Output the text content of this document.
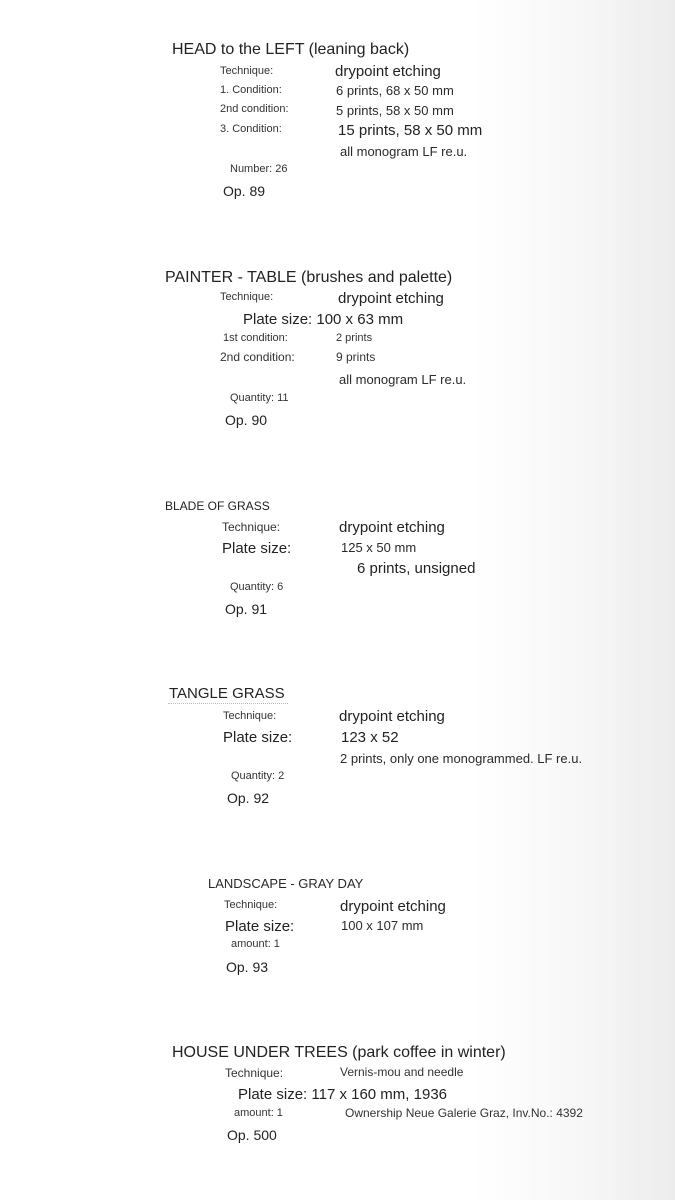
HEAD to the LEFT (leaning back)
Technique:	drypoint etching
1. Condition:	6 prints, 68 x 50 mm
2nd condition:	5 prints, 58 x 50 mm
3. Condition:	15 prints, 58 x 50 mm
all monogram LF re.u.
Number: 26
Op. 89
PAINTER - TABLE (brushes and palette)
Technique:	drypoint etching
Plate size: 100 x 63 mm
1st condition:	2 prints
2nd condition:	9 prints
all monogram LF re.u.
Quantity: 11
Op. 90
BLADE OF GRASS
Technique:	drypoint etching
Plate size:	125 x 50 mm
6 prints, unsigned
Quantity: 6
Op. 91
TANGLE GRASS
Technique:	drypoint etching
Plate size:	123 x 52
2 prints, only one monogrammed. LF re.u.
Quantity: 2
Op. 92
LANDSCAPE - GRAY DAY
Technique:	drypoint etching
Plate size:	100 x 107 mm
amount: 1
Op. 93
HOUSE UNDER TREES (park coffee in winter)
Technique:	Vernis-mou and needle
Plate size: 117 x 160 mm, 1936
amount: 1	Ownership Neue Galerie Graz, Inv.No.: 4392
Op. 500
